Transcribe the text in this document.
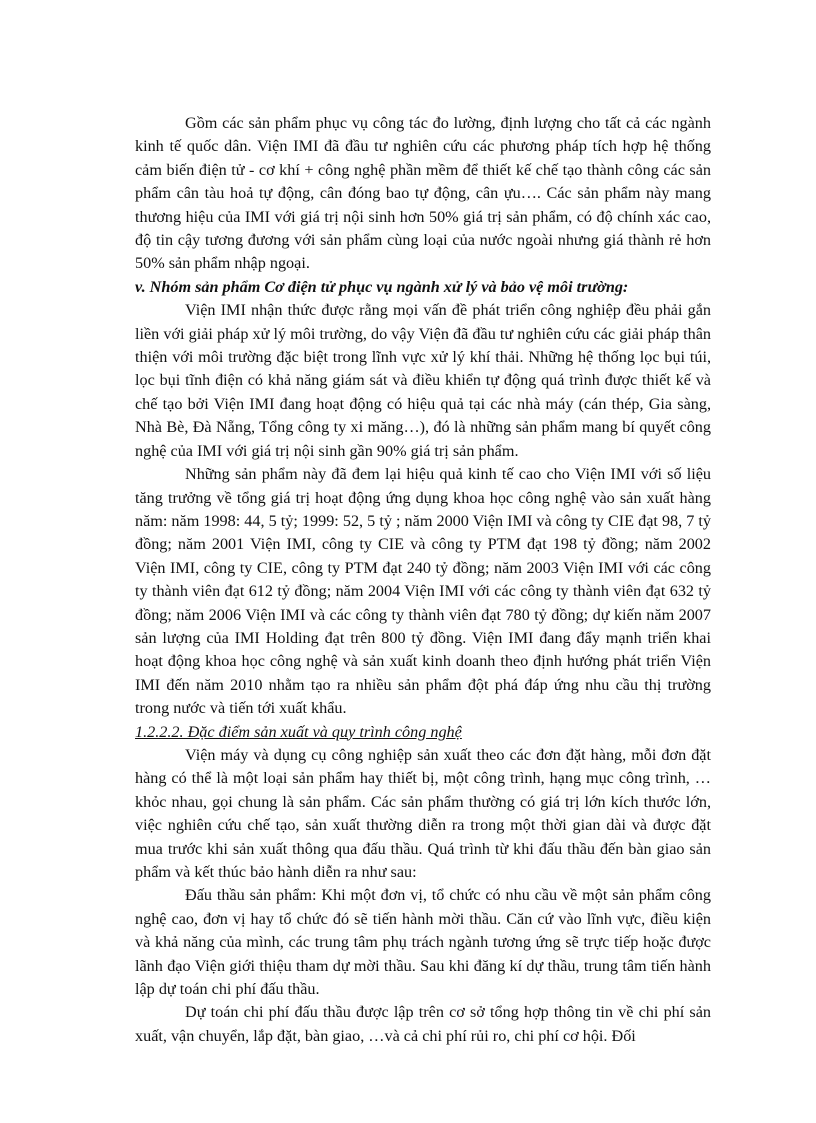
Gồm các sản phẩm phục vụ công tác đo lường, định lượng cho tất cả các ngành kinh tế quốc dân. Viện IMI đã đầu tư nghiên cứu các phương pháp tích hợp hệ thống cảm biến điện tử - cơ khí + công nghệ phần mềm để thiết kế chế tạo thành công các sản phẩm cân tàu hoả tự động, cân đóng bao tự động, cân ựu…. Các sản phẩm này mang thương hiệu của IMI với giá trị nội sinh hơn 50% giá trị sản phẩm, có độ chính xác cao, độ tin cậy tương đương với sản phẩm cùng loại của nước ngoài nhưng giá thành rẻ hơn 50% sản phẩm nhập ngoại.

v. Nhóm sản phẩm Cơ điện tử phục vụ ngành xử lý và bảo vệ môi trường:

Viện IMI nhận thức được rằng mọi vấn đề phát triển công nghiệp đều phải gắn liền với giải pháp xử lý môi trường, do vậy Viện đã đầu tư nghiên cứu các giải pháp thân thiện với môi trường đặc biệt trong lĩnh vực xử lý khí thải. Những hệ thống lọc bụi túi, lọc bụi tĩnh điện có khả năng giám sát và điều khiển tự động quá trình được thiết kế và chế tạo bởi Viện IMI đang hoạt động có hiệu quả tại các nhà máy (cán thép, Gia sàng, Nhà Bè, Đà Nẵng, Tổng công ty xi măng…), đó là những sản phẩm mang bí quyết công nghệ của IMI với giá trị nội sinh gần 90% giá trị sản phẩm.

Những sản phẩm này đã đem lại hiệu quả kinh tế cao cho Viện IMI với số liệu tăng trưởng về tổng giá trị hoạt động ứng dụng khoa học công nghệ vào sản xuất hàng năm: năm 1998: 44, 5 tỷ; 1999: 52, 5 tỷ ; năm 2000 Viện IMI và công ty CIE đạt 98, 7 tỷ đồng; năm 2001 Viện IMI, công ty CIE và công ty PTM đạt 198 tỷ đồng; năm 2002 Viện IMI, công ty CIE, công ty PTM đạt 240 tỷ đồng; năm 2003 Viện IMI với các công ty thành viên đạt 612 tỷ đồng; năm 2004 Viện IMI với các công ty thành viên đạt 632 tỷ đồng; năm 2006 Viện IMI và các công ty thành viên đạt 780 tỷ đồng; dự kiến năm 2007 sản lượng của IMI Holding đạt trên 800 tỷ đồng. Viện IMI đang đẩy mạnh triển khai hoạt động khoa học công nghệ và sản xuất kinh doanh theo định hướng phát triển Viện IMI đến năm 2010 nhằm tạo ra nhiều sản phẩm đột phá đáp ứng nhu cầu thị trường trong nước và tiến tới xuất khẩu.

1.2.2.2. Đặc điểm sản xuất và quy trình công nghệ

Viện máy và dụng cụ công nghiệp sản xuất theo các đơn đặt hàng, mỗi đơn đặt hàng có thể là một loại sản phẩm hay thiết bị, một công trình, hạng mục công trình, …khỏc nhau, gọi chung là sản phẩm. Các sản phẩm thường có giá trị lớn kích thước lớn, việc nghiên cứu chế tạo, sản xuất thường diễn ra trong một thời gian dài và được đặt mua trước khi sản xuất thông qua đấu thầu. Quá trình từ khi đấu thầu đến bàn giao sản phẩm và kết thúc bảo hành diễn ra như sau:

Đấu thầu sản phẩm: Khi một đơn vị, tổ chức có nhu cầu về một sản phẩm công nghệ cao, đơn vị hay tổ chức đó sẽ tiến hành mời thầu. Căn cứ vào lĩnh vực, điều kiện và khả năng của mình, các trung tâm phụ trách ngành tương ứng sẽ trực tiếp hoặc được lãnh đạo Viện giới thiệu tham dự mời thầu. Sau khi đăng kí dự thầu, trung tâm tiến hành lập dự toán chi phí đấu thầu.

Dự toán chi phí đấu thầu được lập trên cơ sở tổng hợp thông tin về chi phí sản xuất, vận chuyển, lắp đặt, bàn giao, …và cả chi phí rủi ro, chi phí cơ hội. Đối
